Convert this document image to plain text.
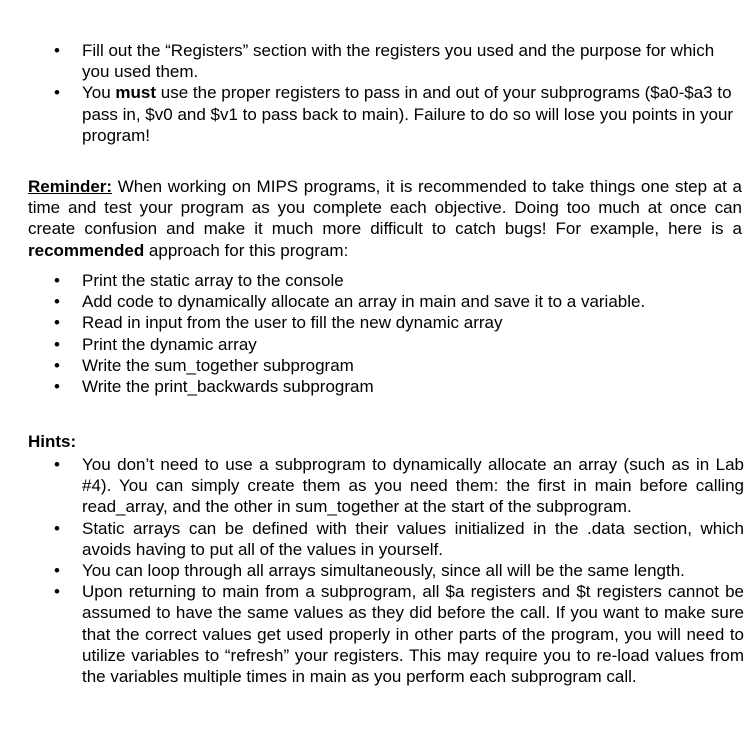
•	Fill out the “Registers” section with the registers you used and the purpose for which you used them.
•	You must use the proper registers to pass in and out of your subprograms ($a0-$a3 to pass in, $v0 and $v1 to pass back to main). Failure to do so will lose you points in your program!

Reminder: When working on MIPS programs, it is recommended to take things one step at a time and test your program as you complete each objective. Doing too much at once can create confusion and make it much more difficult to catch bugs! For example, here is a recommended approach for this program:

•	Print the static array to the console
•	Add code to dynamically allocate an array in main and save it to a variable.
•	Read in input from the user to fill the new dynamic array
•	Print the dynamic array
•	Write the sum_together subprogram
•	Write the print_backwards subprogram

Hints:

•	You don’t need to use a subprogram to dynamically allocate an array (such as in Lab #4). You can simply create them as you need them: the first in main before calling read_array, and the other in sum_together at the start of the subprogram.
•	Static arrays can be defined with their values initialized in the .data section, which avoids having to put all of the values in yourself.
•	You can loop through all arrays simultaneously, since all will be the same length.
•	Upon returning to main from a subprogram, all $a registers and $t registers cannot be assumed to have the same values as they did before the call. If you want to make sure that the correct values get used properly in other parts of the program, you will need to utilize variables to “refresh” your registers. This may require you to re-load values from the variables multiple times in main as you perform each subprogram call.
